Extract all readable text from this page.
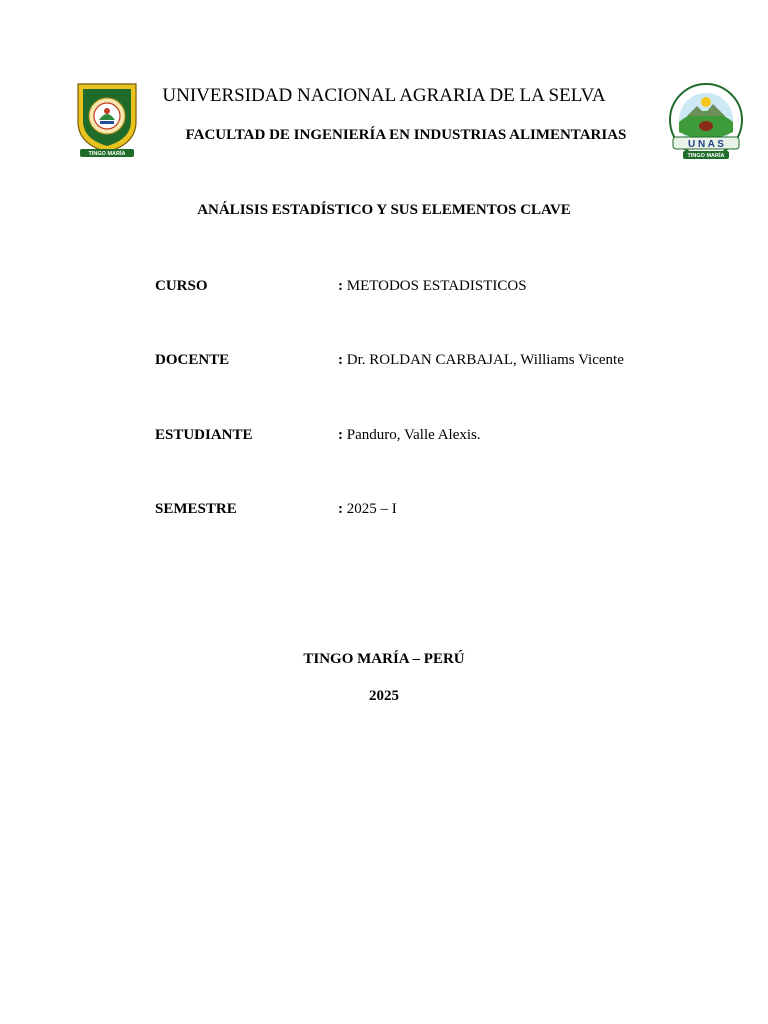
TINGO MARÍA
UNIVERSIDAD NACIONAL AGRARIA DE LA SELVA
FACULTAD DE INGENIERÍA EN INDUSTRIAS ALIMENTARIAS
U N A S
TINGO MARÍA
ANÁLISIS ESTADÍSTICO Y SUS ELEMENTOS CLAVE
CURSO	: METODOS ESTADISTICOS
DOCENTE	: Dr. ROLDAN CARBAJAL, Williams Vicente
ESTUDIANTE	: Panduro, Valle Alexis.
SEMESTRE	: 2025 – I
TINGO MARÍA – PERÚ
2025
